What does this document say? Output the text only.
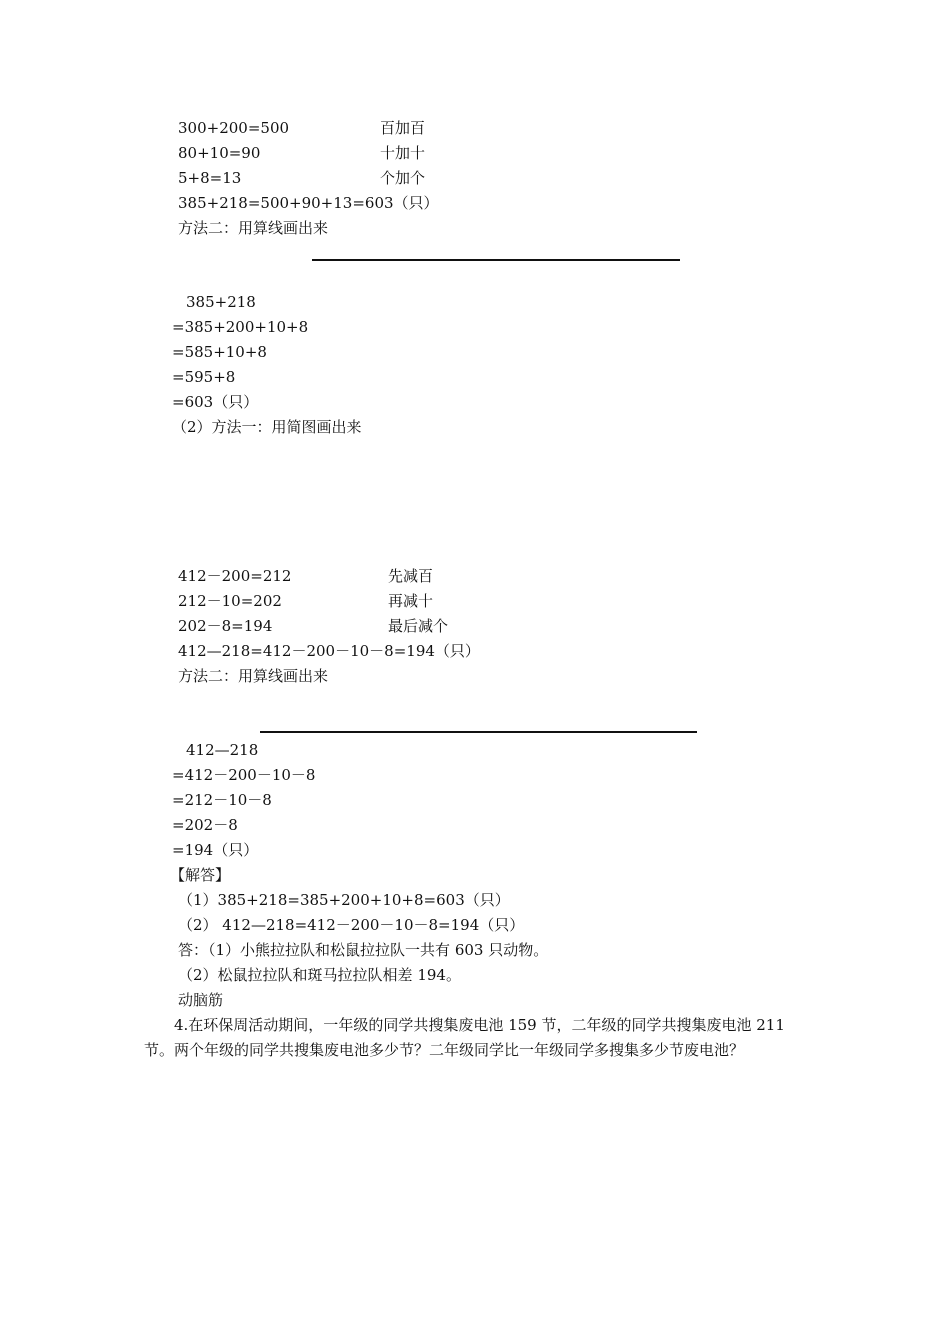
300+200=500	百加百
80+10=90	十加十
5+8=13	个加个
385+218=500+90+13=603（只）
方法二：用算线画出来
385+218
=385+200+10+8
=585+10+8
=595+8
=603（只）
（2）方法一：用简图画出来
412－200=212	先减百
212－10=202	再减十
202－8=194	最后减个
412—218=412－200－10－8=194（只）
方法二：用算线画出来
412—218
=412－200－10－8
=212－10－8
=202－8
=194（只）
【解答】
（1）385+218=385+200+10+8=603（只）
（2） 412—218=412－200－10－8=194（只）
答：（1）小熊拉拉队和松鼠拉拉队一共有 603 只动物。
（2）松鼠拉拉队和斑马拉拉队相差 194。
动脑筋
4.在环保周活动期间，一年级的同学共搜集废电池 159 节，二年级的同学共搜集废电池 211 节。两个年级的同学共搜集废电池多少节？二年级同学比一年级同学多搜集多少节废电池？
